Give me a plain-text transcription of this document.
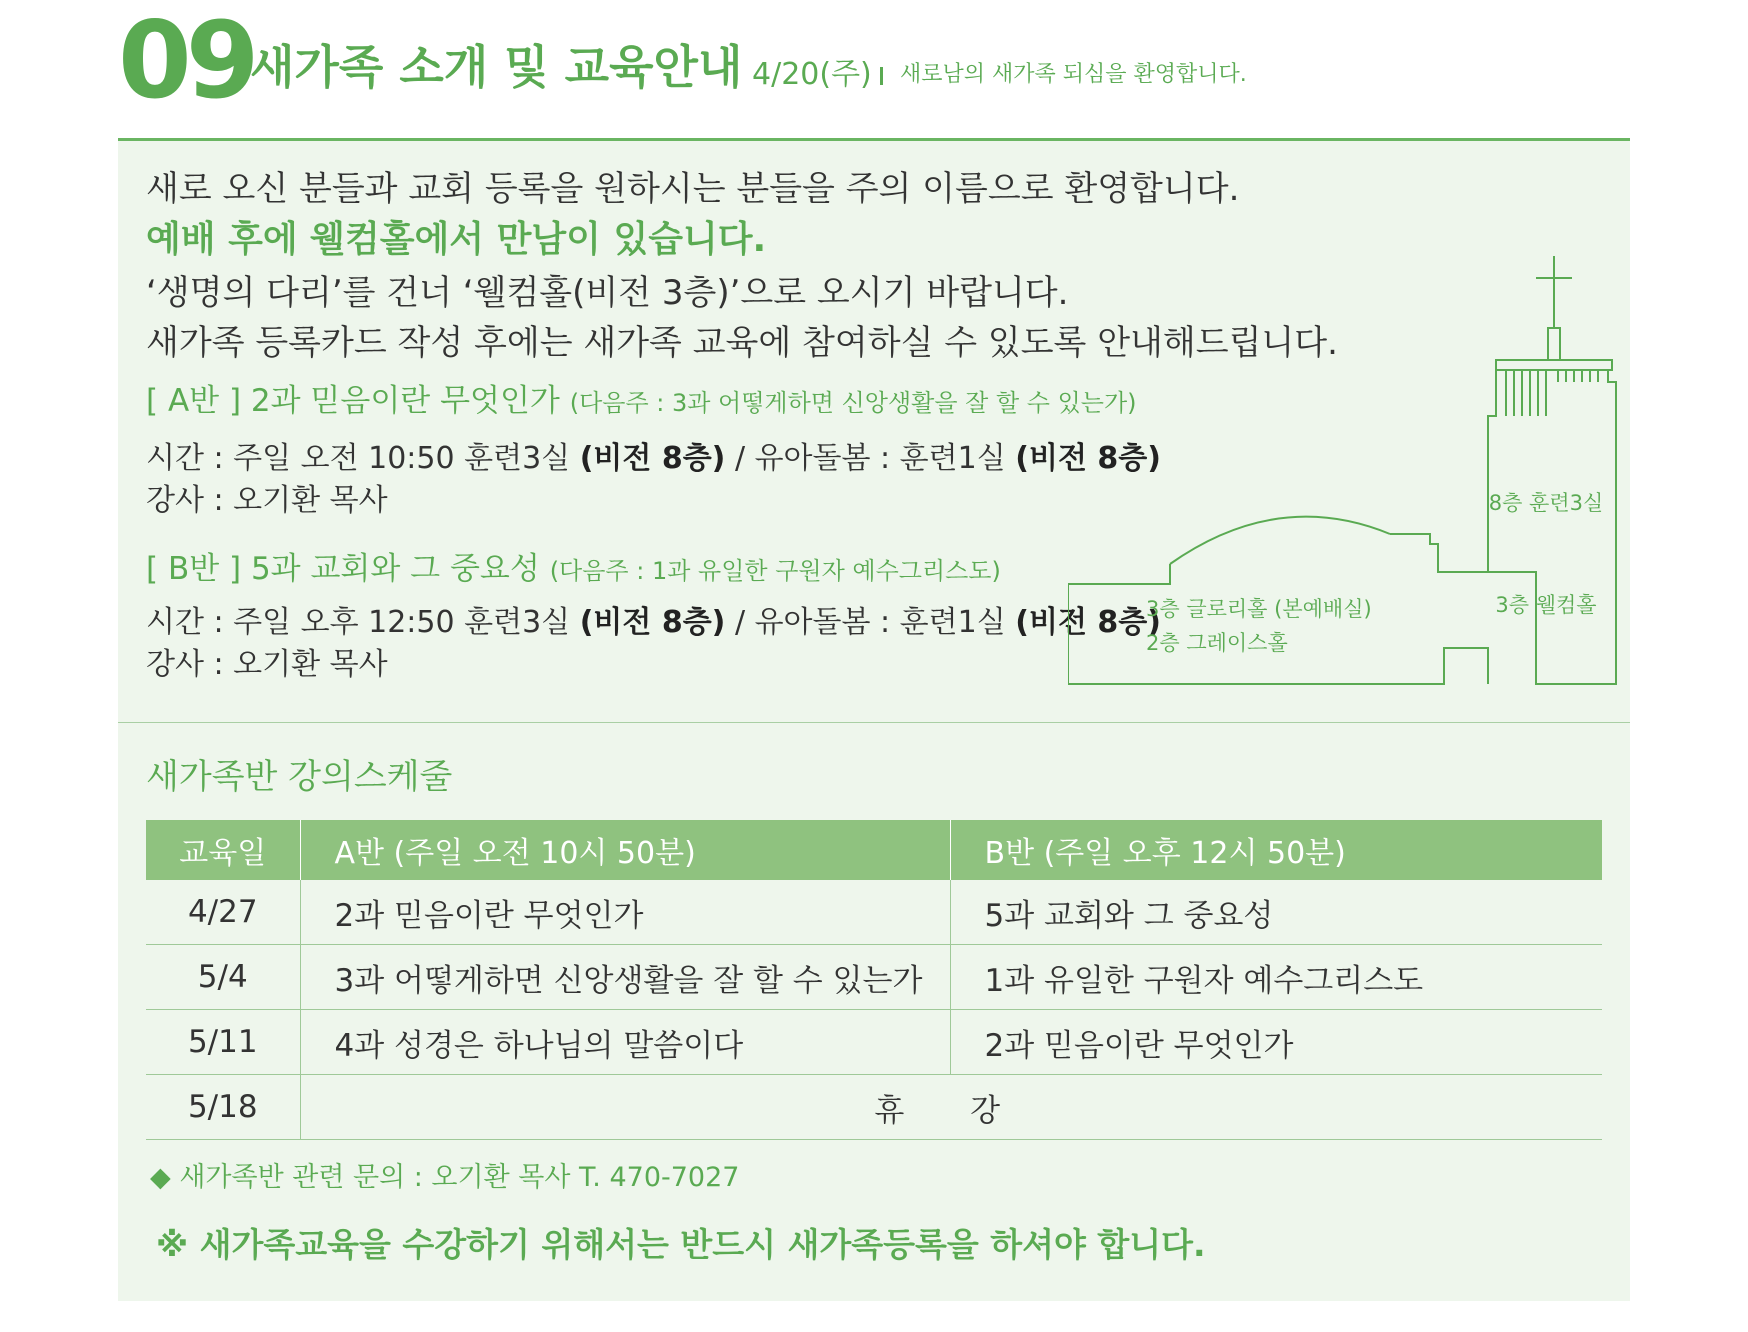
09
새가족 소개 및 교육안내 4/20(주) 새로남의 새가족 되심을 환영합니다.
새로 오신 분들과 교회 등록을 원하시는 분들을 주의 이름으로 환영합니다.
예배 후에 웰컴홀에서 만남이 있습니다.
‘생명의 다리’를 건너 ‘웰컴홀(비전 3층)’으로 오시기 바랍니다.
새가족 등록카드 작성 후에는 새가족 교육에 참여하실 수 있도록 안내해드립니다.
[ A반 ] 2과 믿음이란 무엇인가 (다음주 : 3과 어떻게하면 신앙생활을 잘 할 수 있는가)
시간 : 주일 오전 10:50 훈련3실 (비전 8층) / 유아돌봄 : 훈련1실 (비전 8층)
강사 : 오기환 목사
[ B반 ] 5과 교회와 그 중요성 (다음주 : 1과 유일한 구원자 예수그리스도)
시간 : 주일 오후 12:50 훈련3실 (비전 8층) / 유아돌봄 : 훈련1실 (비전 8층)
강사 : 오기환 목사
8층 훈련3실
3층 웰컴홀
3층 글로리홀 (본예배실)
2층 그레이스홀
새가족반 강의스케줄
교육일	A반 (주일 오전 10시 50분)	B반 (주일 오후 12시 50분)
4/27	2과 믿음이란 무엇인가	5과 교회와 그 중요성
5/4	3과 어떻게하면 신앙생활을 잘 할 수 있는가	1과 유일한 구원자 예수그리스도
5/11	4과 성경은 하나님의 말씀이다	2과 믿음이란 무엇인가
5/18	휴 강	
◆ 새가족반 관련 문의 : 오기환 목사 T. 470-7027
※ 새가족교육을 수강하기 위해서는 반드시 새가족등록을 하셔야 합니다.
